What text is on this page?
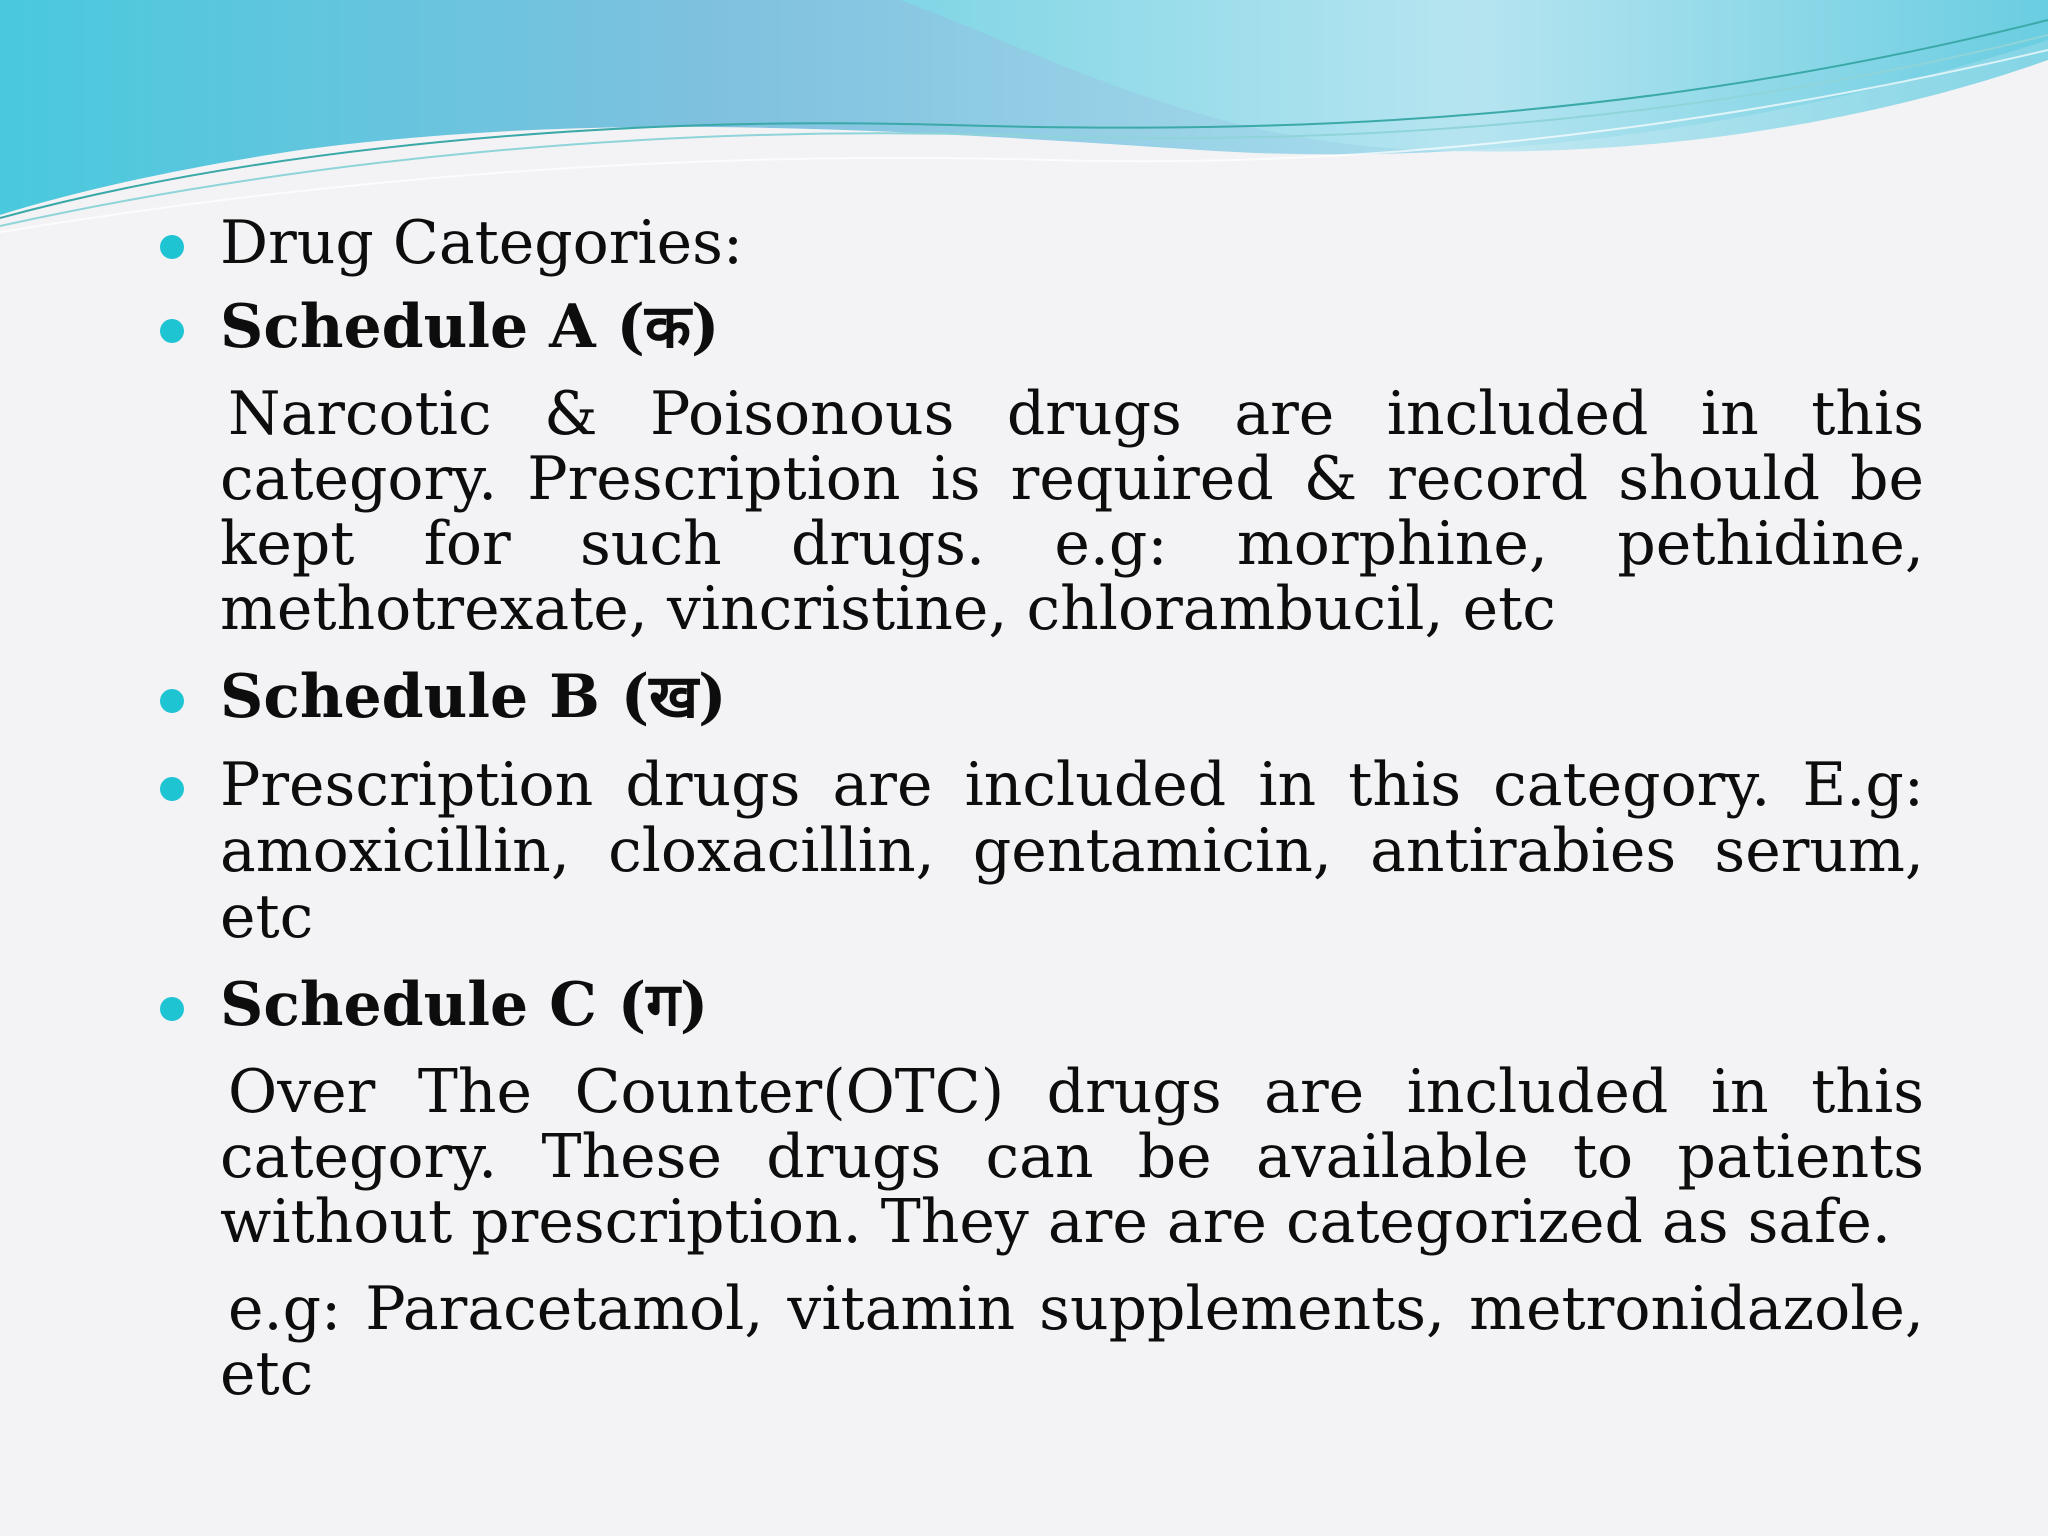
Drug Categories:
Schedule A (क)

Narcotic & Poisonous drugs are included in this category. Prescription is required & record should be kept for such drugs. e.g: morphine, pethidine, methotrexate, vincristine, chlorambucil, etc

Schedule B (ख)
Prescription drugs are included in this category. E.g: amoxicillin, cloxacillin, gentamicin, antirabies serum, etc
Schedule C (ग)

Over The Counter(OTC) drugs are included in this category. These drugs can be available to patients without prescription. They are are categorized as safe.

e.g: Paracetamol, vitamin supplements, metronidazole, etc
